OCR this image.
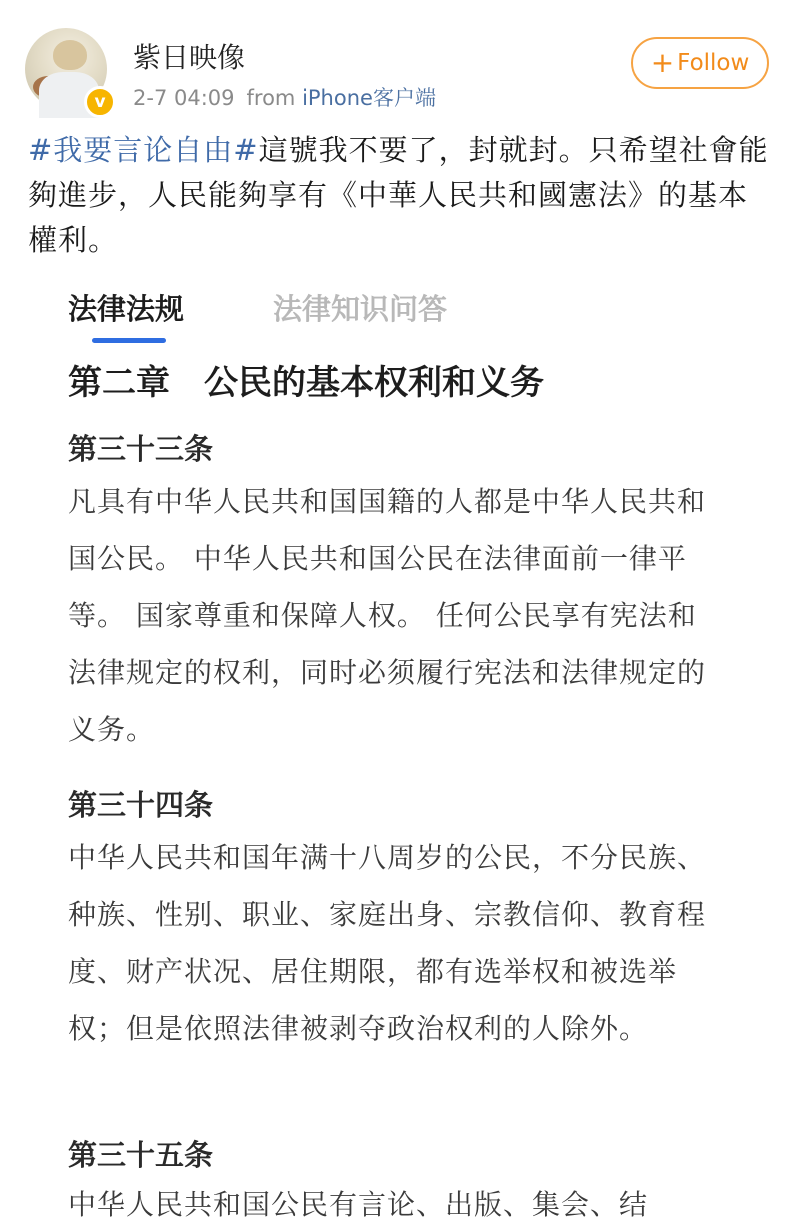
v
紫日映像
2-7 04:09 from iPhone客户端
+ Follow
#我要言论自由#這號我不要了，封就封。只希望社會能夠進步，人民能夠享有《中華人民共和國憲法》的基本權利。
法律法规	法律知识问答
第二章　公民的基本权利和义务
第三十三条
凡具有中华人民共和国国籍的人都是中华人民共和国公民。 中华人民共和国公民在法律面前一律平等。 国家尊重和保障人权。 任何公民享有宪法和法律规定的权利，同时必须履行宪法和法律规定的义务。
第三十四条
中华人民共和国年满十八周岁的公民，不分民族、种族、性别、职业、家庭出身、宗教信仰、教育程度、财产状况、居住期限，都有选举权和被选举权；但是依照法律被剥夺政治权利的人除外。
第三十五条
中华人民共和国公民有言论、出版、集会、结
